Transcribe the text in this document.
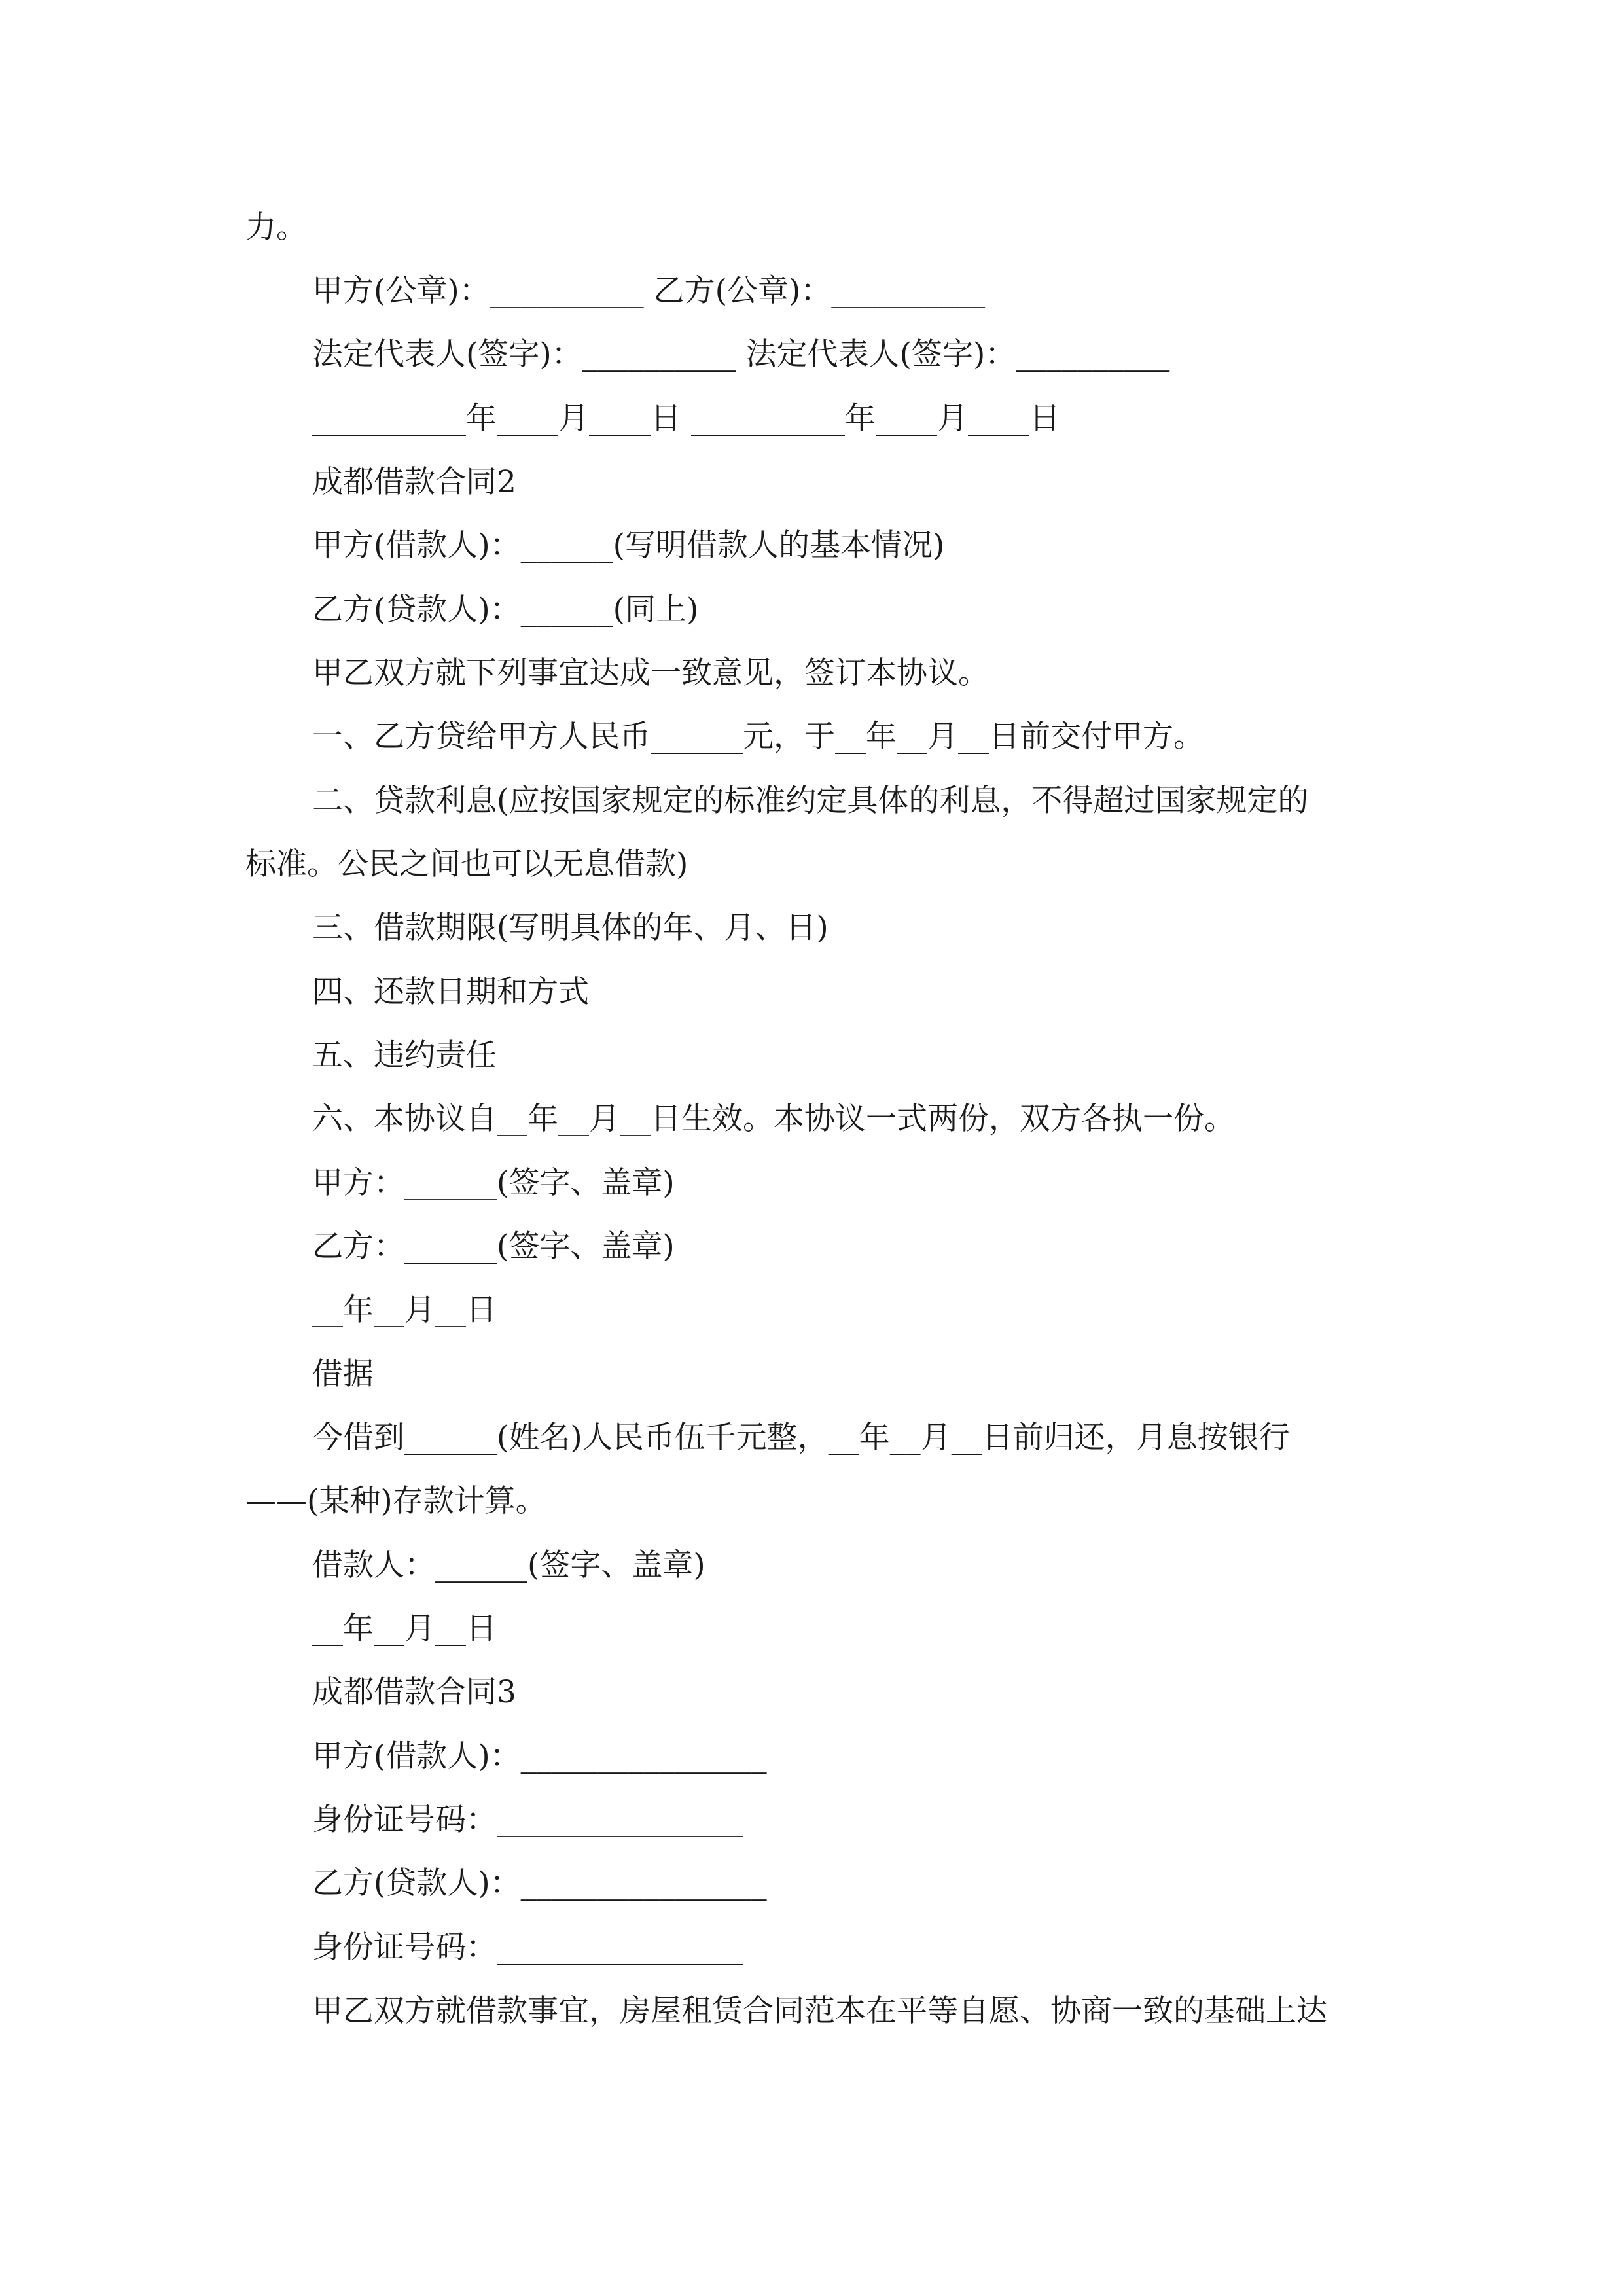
力。
甲方(公章)：__________ 乙方(公章)：__________
法定代表人(签字)：__________ 法定代表人(签字)：__________
__________年____月____日 __________年____月____日
成都借款合同2
甲方(借款人)：______(写明借款人的基本情况)
乙方(贷款人)：______(同上)
甲乙双方就下列事宜达成一致意见，签订本协议。
一、乙方贷给甲方人民币______元，于__年__月__日前交付甲方。
二、贷款利息(应按国家规定的标准约定具体的利息，不得超过国家规定的
标准。公民之间也可以无息借款)
三、借款期限(写明具体的年、月、日)
四、还款日期和方式
五、违约责任
六、本协议自__年__月__日生效。本协议一式两份，双方各执一份。
甲方：______(签字、盖章)
乙方：______(签字、盖章)
__年__月__日
借据
今借到______(姓名)人民币伍千元整，__年__月__日前归还，月息按银行
——(某种)存款计算。
借款人：______(签字、盖章)
__年__月__日
成都借款合同3
甲方(借款人)：________________
身份证号码：________________
乙方(贷款人)：________________
身份证号码：________________
甲乙双方就借款事宜，房屋租赁合同范本在平等自愿、协商一致的基础上达
